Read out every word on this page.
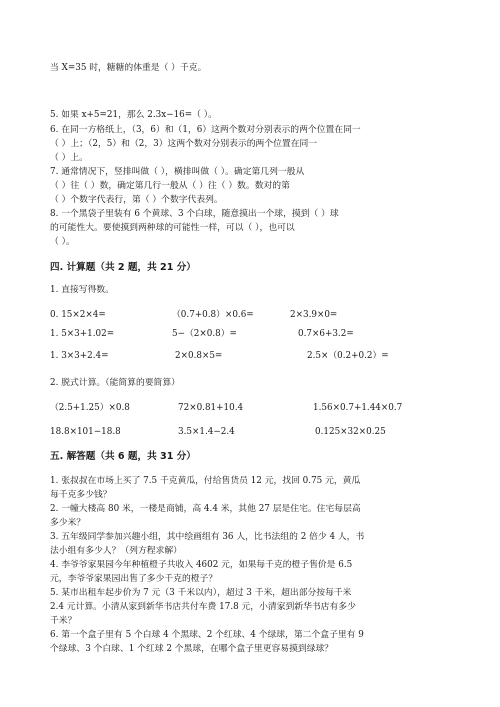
当 X=35 时，糖糖的体重是（ ）千克。
5. 如果 x+5=21，那么 2.3x−16=（ ）。
6. 在同一方格纸上，（3，6）和（1，6）这两个数对分别表示的两个位置在同一
（ ）上；（2，5）和（2，3）这两个数对分别表示的两个位置在同一
（ ）上。
7. 通常情况下，竖排叫做（ ），横排叫做（ ）。确定第几列一般从
（ ）往（ ）数，确定第几行一般从（ ）往（ ）数。数对的第
（ ）个数字代表行，第（ ）个数字代表列。
8. 一个黑袋子里装有 6 个黄球、3 个白球，随意摸出一个球，摸到（ ）球
的可能性大。要使摸到两种球的可能性一样，可以（ ），也可以
（ ）。
四. 计算题（共 2 题，共 21 分）
1. 直接写得数。
0. 15×2×4=	（0.7+0.8）×0.6=	2×3.9×0=
1. 5×3+1.02=	5−（2×0.8）=	0.7×6+3.2=
1. 3×3+2.4=	2×0.8×5=	2.5×（0.2+0.2）=
2. 脱式计算。（能简算的要简算）
（2.5+1.25）×0.8	72×0.81+10.4	1.56×0.7+1.44×0.7
18.8×101−18.8	3.5×1.4−2.4	0.125×32×0.25
五. 解答题（共 6 题，共 31 分）
1. 张叔叔在市场上买了 7.5 千克黄瓜，付给售货员 12 元，找回 0.75 元，黄瓜
每千克多少钱？
2. 一幢大楼高 80 米，一楼是商铺，高 4.4 米，其他 27 层是住宅。住宅每层高
多少米？
3. 五年级同学参加兴趣小组，其中绘画组有 36 人，比书法组的 2 倍少 4 人，书
法小组有多少人？（列方程求解）
4. 李爷爷家果园今年种植橙子共收入 4602 元，如果每千克的橙子售价是 6.5
元，李爷爷家果园出售了多少千克的橙子？
5. 某市出租车起步价为 7 元（3 千米以内），超过 3 千米，超出部分按每千米
2.4 元计算。小清从家到新华书店共付车费 17.8 元，小清家到新华书店有多少
千米？
6. 第一个盒子里有 5 个白球 4 个黑球、2 个红球、4 个绿球，第二个盒子里有 9
个绿球、3 个白球、1 个红球 2 个黑球，在哪个盒子里更容易摸到绿球？
